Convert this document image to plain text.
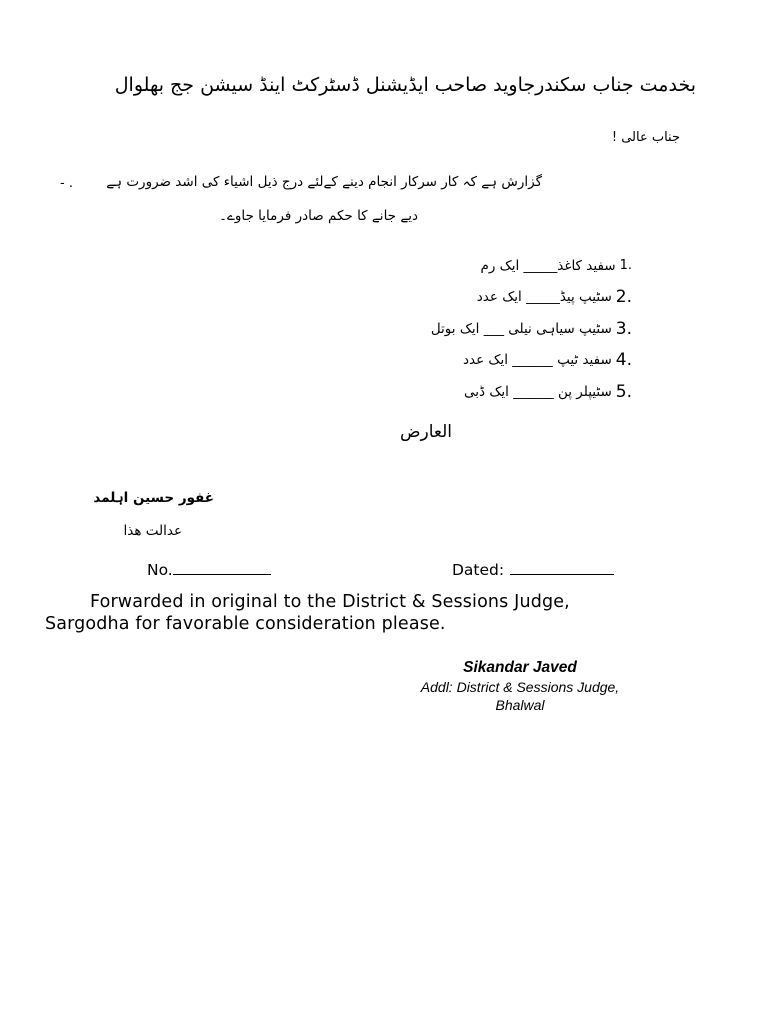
بخدمت جناب سکندرجاوید صاحب ایڈیشنل ڈسٹرکٹ اینڈ سیشن جج بھلوال
جناب عالی !
گزارش ہے کہ کار سرکار انجام دینے کےلئے درج ذیل اشیاء کی اشد ضرورت ہے
- .
دیے جانے کا حکم صادر فرمایا جاوے۔
1.
سفید کاغذ_____ ایک رم
2.
سٹیپ پیڈ_____ ایک عدد
3.
سٹیپ سیاہی نیلی ___ ایک بوتل
4.
سفید ٹیپ ______ ایک عدد
5.
سٹیپلر پن ______ ایک ڈبی
العارض
غفور حسین اہلمد
عدالت ھذا
No.	Dated:
Forwarded in original to the District & Sessions Judge,
Sargodha for favorable consideration please.
Sikandar Javed
Addl: District & Sessions Judge,
Bhalwal
